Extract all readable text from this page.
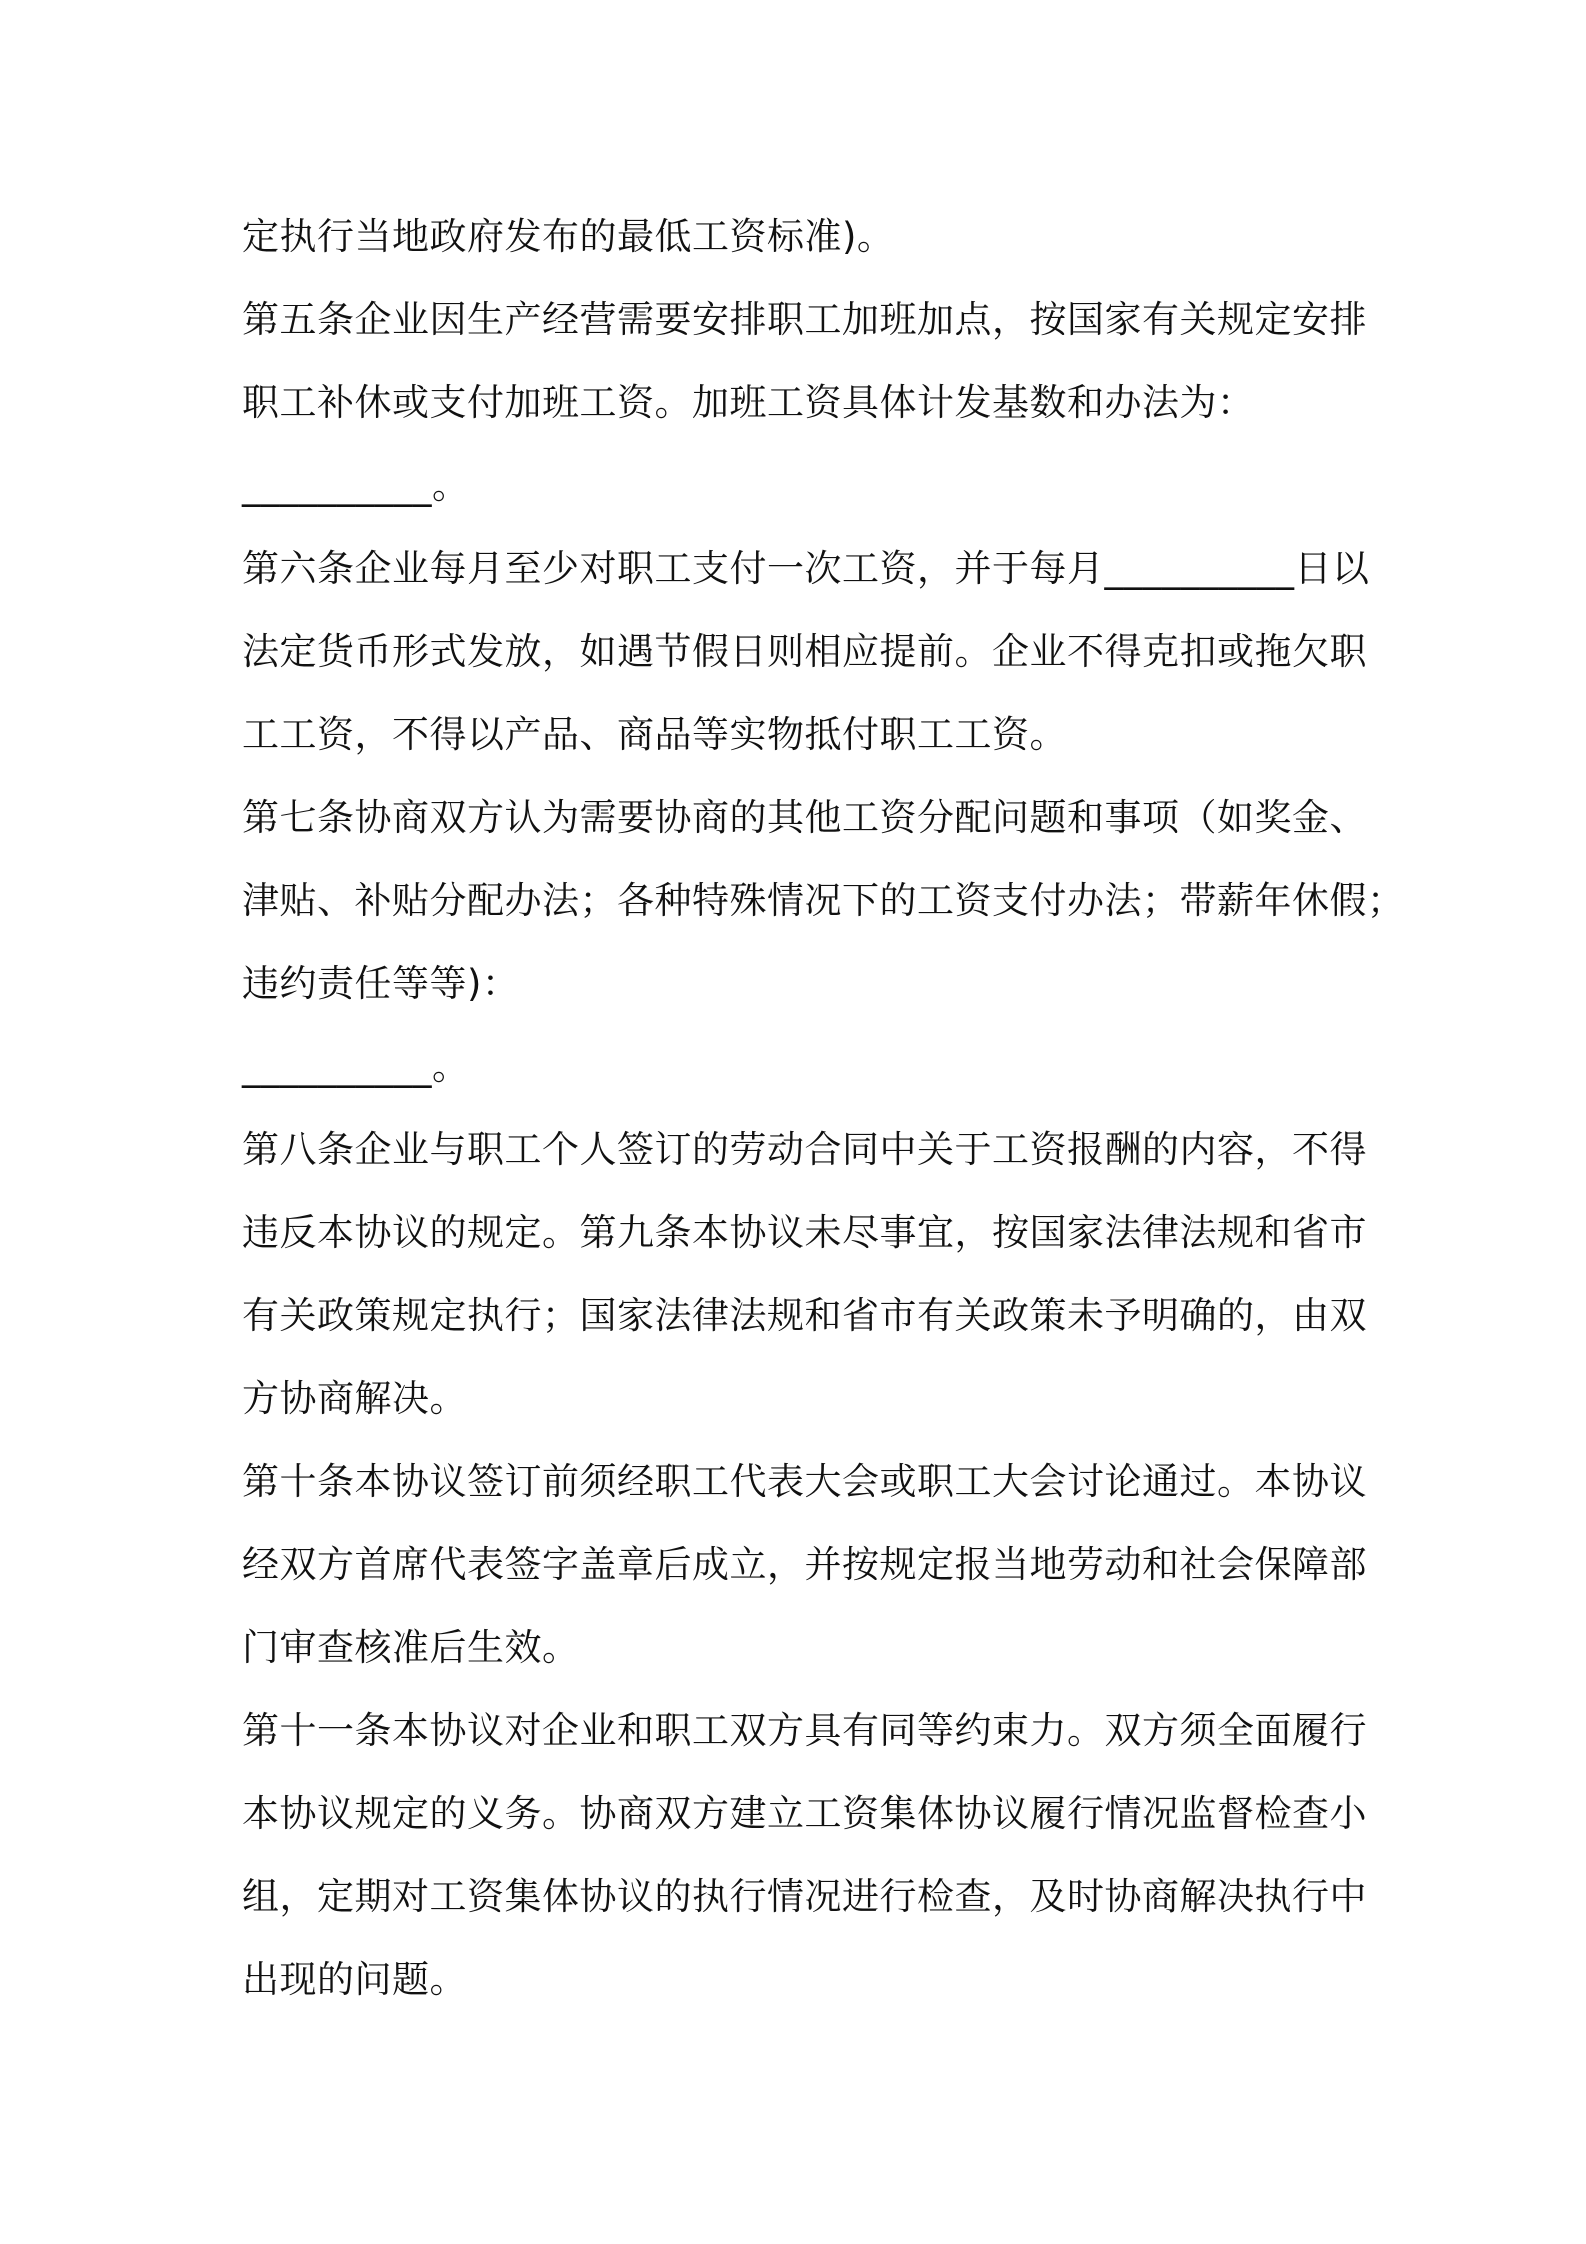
定执行当地政府发布的最低工资标准)。
第五条企业因生产经营需要安排职工加班加点，按国家有关规定安排
职工补休或支付加班工资。加班工资具体计发基数和办法为：
__________。
第六条企业每月至少对职工支付一次工资，并于每月__________日以
法定货币形式发放，如遇节假日则相应提前。企业不得克扣或拖欠职
工工资，不得以产品、商品等实物抵付职工工资。
第七条协商双方认为需要协商的其他工资分配问题和事项（如奖金、
津贴、补贴分配办法；各种特殊情况下的工资支付办法；带薪年休假；
违约责任等等)：
__________。
第八条企业与职工个人签订的劳动合同中关于工资报酬的内容，不得
违反本协议的规定。第九条本协议未尽事宜，按国家法律法规和省市
有关政策规定执行；国家法律法规和省市有关政策未予明确的，由双
方协商解决。
第十条本协议签订前须经职工代表大会或职工大会讨论通过。本协议
经双方首席代表签字盖章后成立，并按规定报当地劳动和社会保障部
门审查核准后生效。
第十一条本协议对企业和职工双方具有同等约束力。双方须全面履行
本协议规定的义务。协商双方建立工资集体协议履行情况监督检查小
组，定期对工资集体协议的执行情况进行检查，及时协商解决执行中
出现的问题。
